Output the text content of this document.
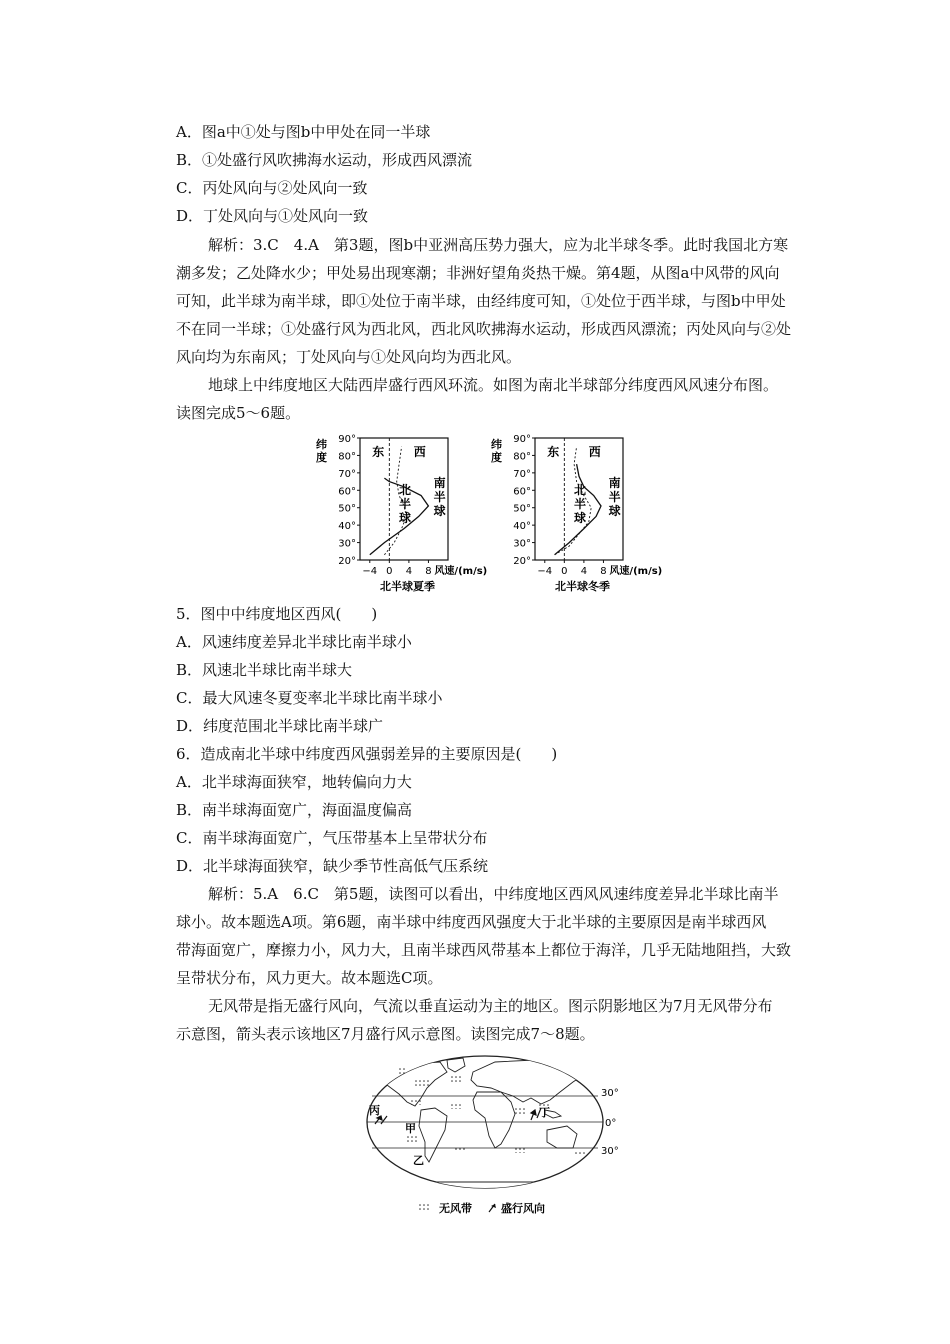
A．图a中①处与图b中甲处在同一半球
B．①处盛行风吹拂海水运动，形成西风漂流
C．丙处风向与②处风向一致
D．丁处风向与①处风向一致
解析：3.C　4.A　第3题，图b中亚洲高压势力强大，应为北半球冬季。此时我国北方寒
潮多发；乙处降水少；甲处易出现寒潮；非洲好望角炎热干燥。第4题，从图a中风带的风向
可知，此半球为南半球，即①处位于南半球，由经纬度可知，①处位于西半球，与图b中甲处
不在同一半球；①处盛行风为西北风，西北风吹拂海水运动，形成西风漂流；丙处风向与②处
风向均为东南风；丁处风向与①处风向均为西北风。
地球上中纬度地区大陆西岸盛行西风环流。如图为南北半球部分纬度西风风速分布图。
读图完成5～6题。
纬
度
20°
30°
40°
50°
60°
70°
80°
90°
−4 0 4 8 风速/(m/s)
东 西
北
半
球
南
半
球
北半球夏季
纬
度
20°
30°
40°
50°
60°
70°
80°
90°
−4 0 4 8 风速/(m/s)
东 西
北
半
球
南
半
球
北半球冬季
5．图中中纬度地区西风(　　)
A．风速纬度差异北半球比南半球小
B．风速北半球比南半球大
C．最大风速冬夏变率北半球比南半球小
D．纬度范围北半球比南半球广
6．造成南北半球中纬度西风强弱差异的主要原因是(　　)
A．北半球海面狭窄，地转偏向力大
B．南半球海面宽广，海面温度偏高
C．南半球海面宽广，气压带基本上呈带状分布
D．北半球海面狭窄，缺少季节性高低气压系统
解析：5.A　6.C　第5题，读图可以看出，中纬度地区西风风速纬度差异北半球比南半
球小。故本题选A项。第6题，南半球中纬度西风强度大于北半球的主要原因是南半球西风
带海面宽广，摩擦力小，风力大，且南半球西风带基本上都位于海洋，几乎无陆地阻挡，大致
呈带状分布，风力更大。故本题选C项。
无风带是指无盛行风向，气流以垂直运动为主的地区。图示阴影地区为7月无风带分布
示意图，箭头表示该地区7月盛行风示意图。读图完成7～8题。
丙
甲
乙
丁
30°
0°
30°
无风带	盛行风向
